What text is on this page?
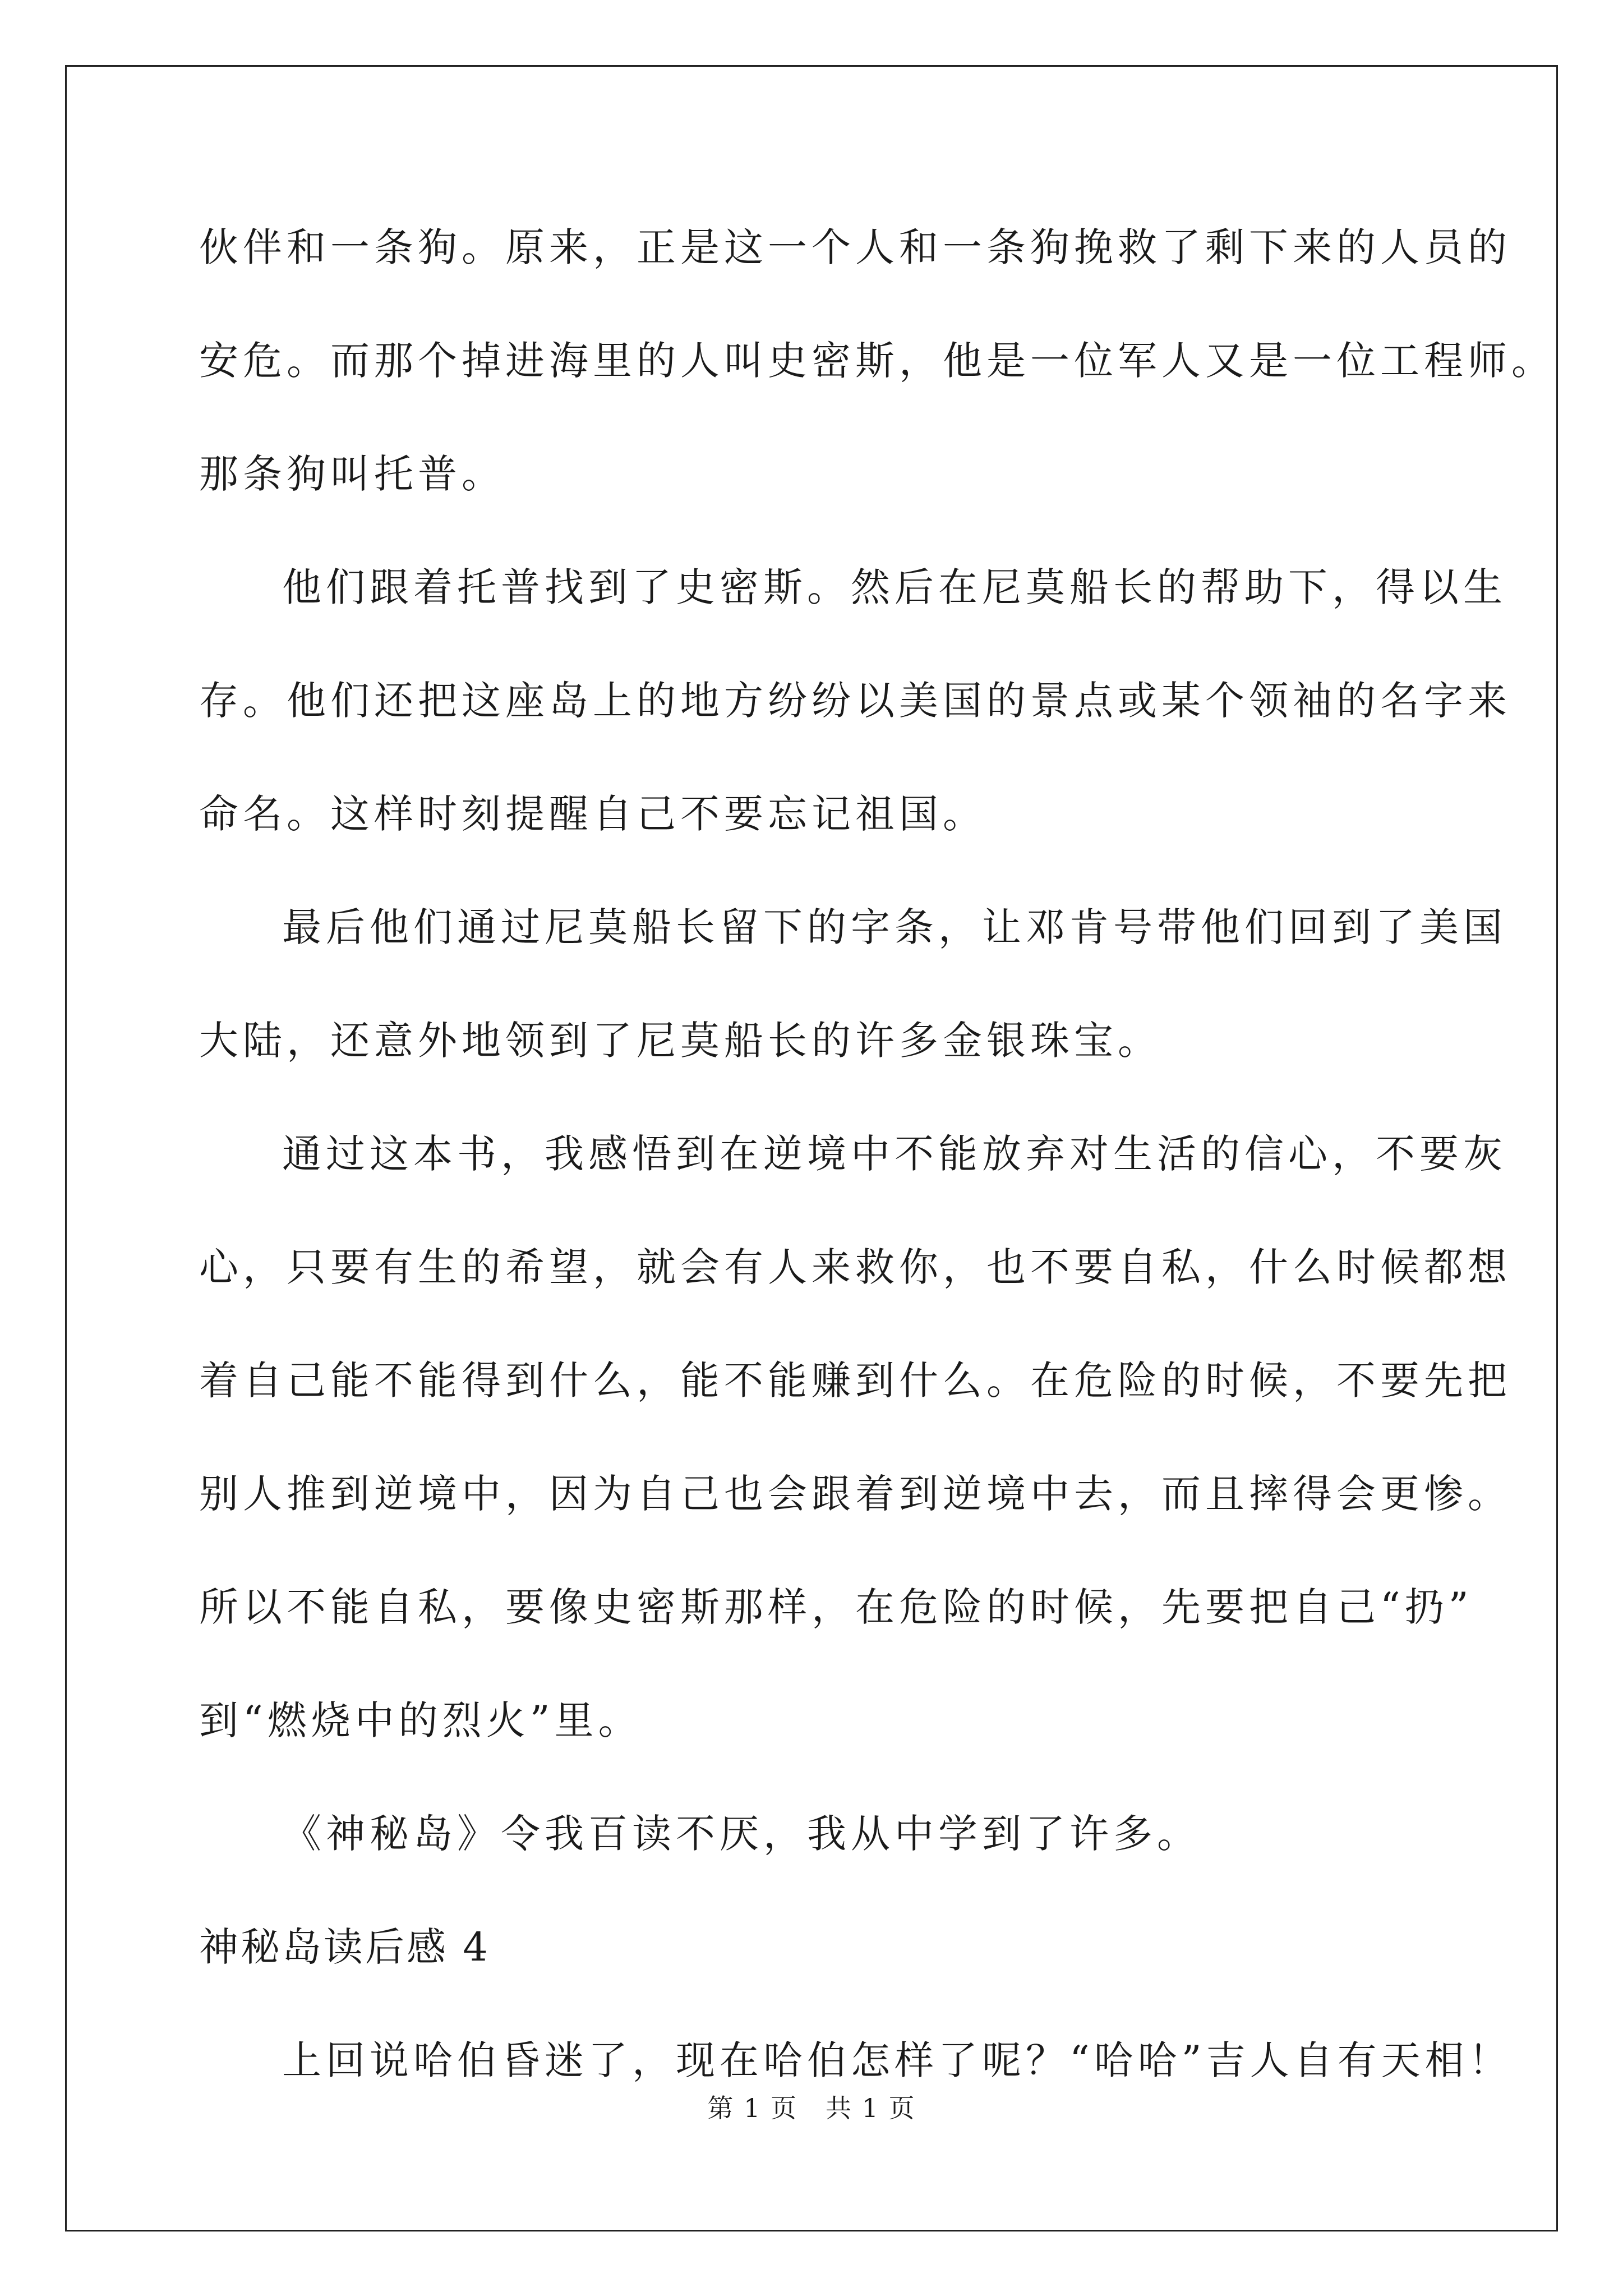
伙伴和一条狗。原来，正是这一个人和一条狗挽救了剩下来的人员的
安危。而那个掉进海里的人叫史密斯，他是一位军人又是一位工程师。
那条狗叫托普。
他们跟着托普找到了史密斯。然后在尼莫船长的帮助下，得以生
存。他们还把这座岛上的地方纷纷以美国的景点或某个领袖的名字来
命名。这样时刻提醒自己不要忘记祖国。
最后他们通过尼莫船长留下的字条，让邓肯号带他们回到了美国
大陆，还意外地领到了尼莫船长的许多金银珠宝。
通过这本书，我感悟到在逆境中不能放弃对生活的信心，不要灰
心，只要有生的希望，就会有人来救你，也不要自私，什么时候都想
着自己能不能得到什么，能不能赚到什么。在危险的时候，不要先把
别人推到逆境中，因为自己也会跟着到逆境中去，而且摔得会更惨。
所以不能自私，要像史密斯那样，在危险的时候，先要把自己“扔”
到“燃烧中的烈火”里。
《神秘岛》令我百读不厌，我从中学到了许多。
神秘岛读后感 4
上回说哈伯昏迷了，现在哈伯怎样了呢？“哈哈”吉人自有天相！
第 1 页 共 1 页
